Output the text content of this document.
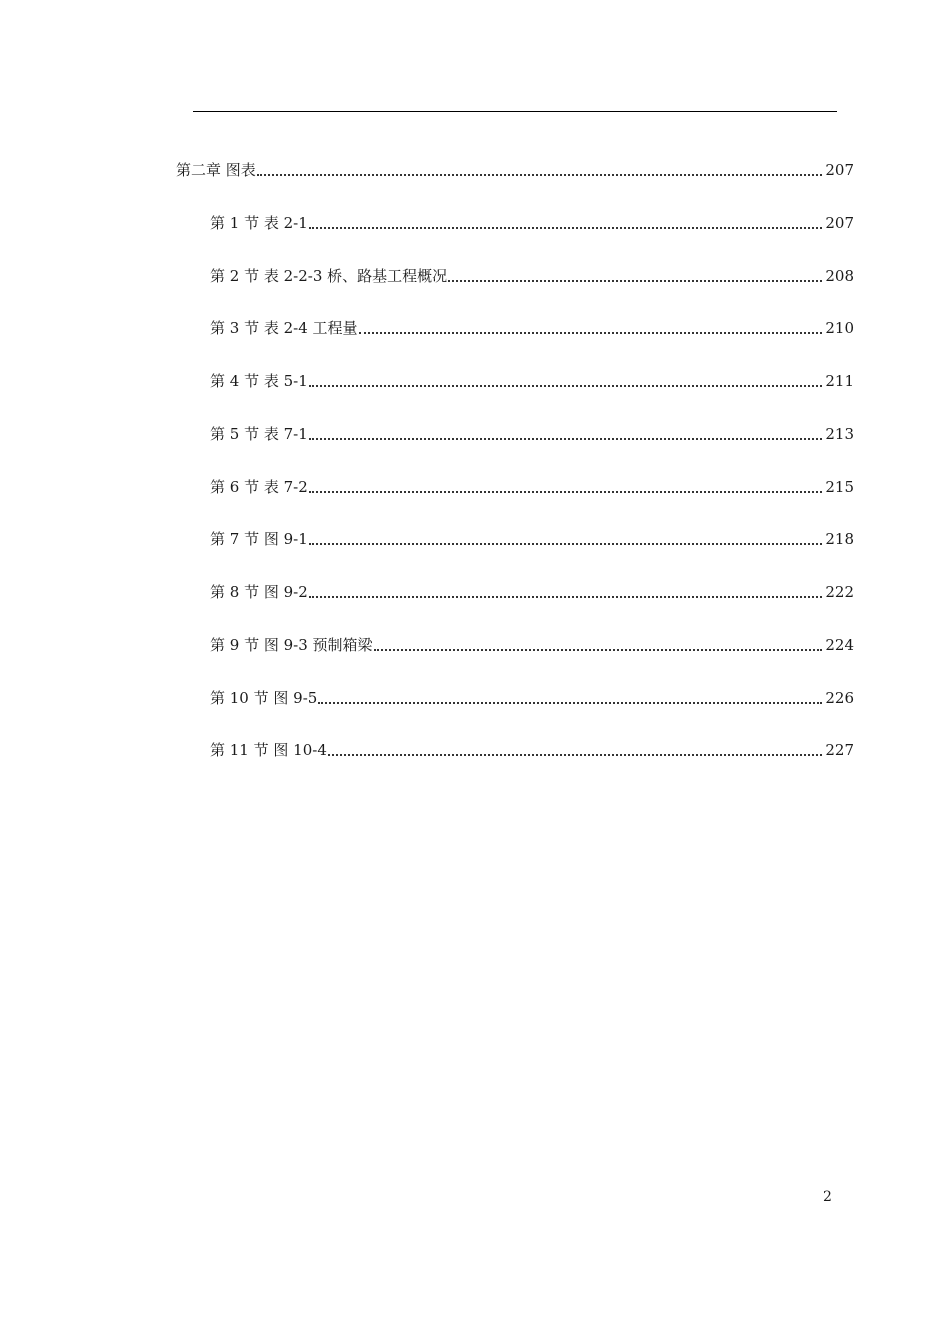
第二章 图表	207
第 1 节 表 2-1	207
第 2 节 表 2-2-3 桥、路基工程概况	208
第 3 节 表 2-4 工程量	210
第 4 节 表 5-1	211
第 5 节 表 7-1	213
第 6 节 表 7-2	215
第 7 节 图 9-1	218
第 8 节 图 9-2	222
第 9 节 图 9-3 预制箱梁	224
第 10 节 图 9-5	226
第 11 节 图 10-4	227
2
